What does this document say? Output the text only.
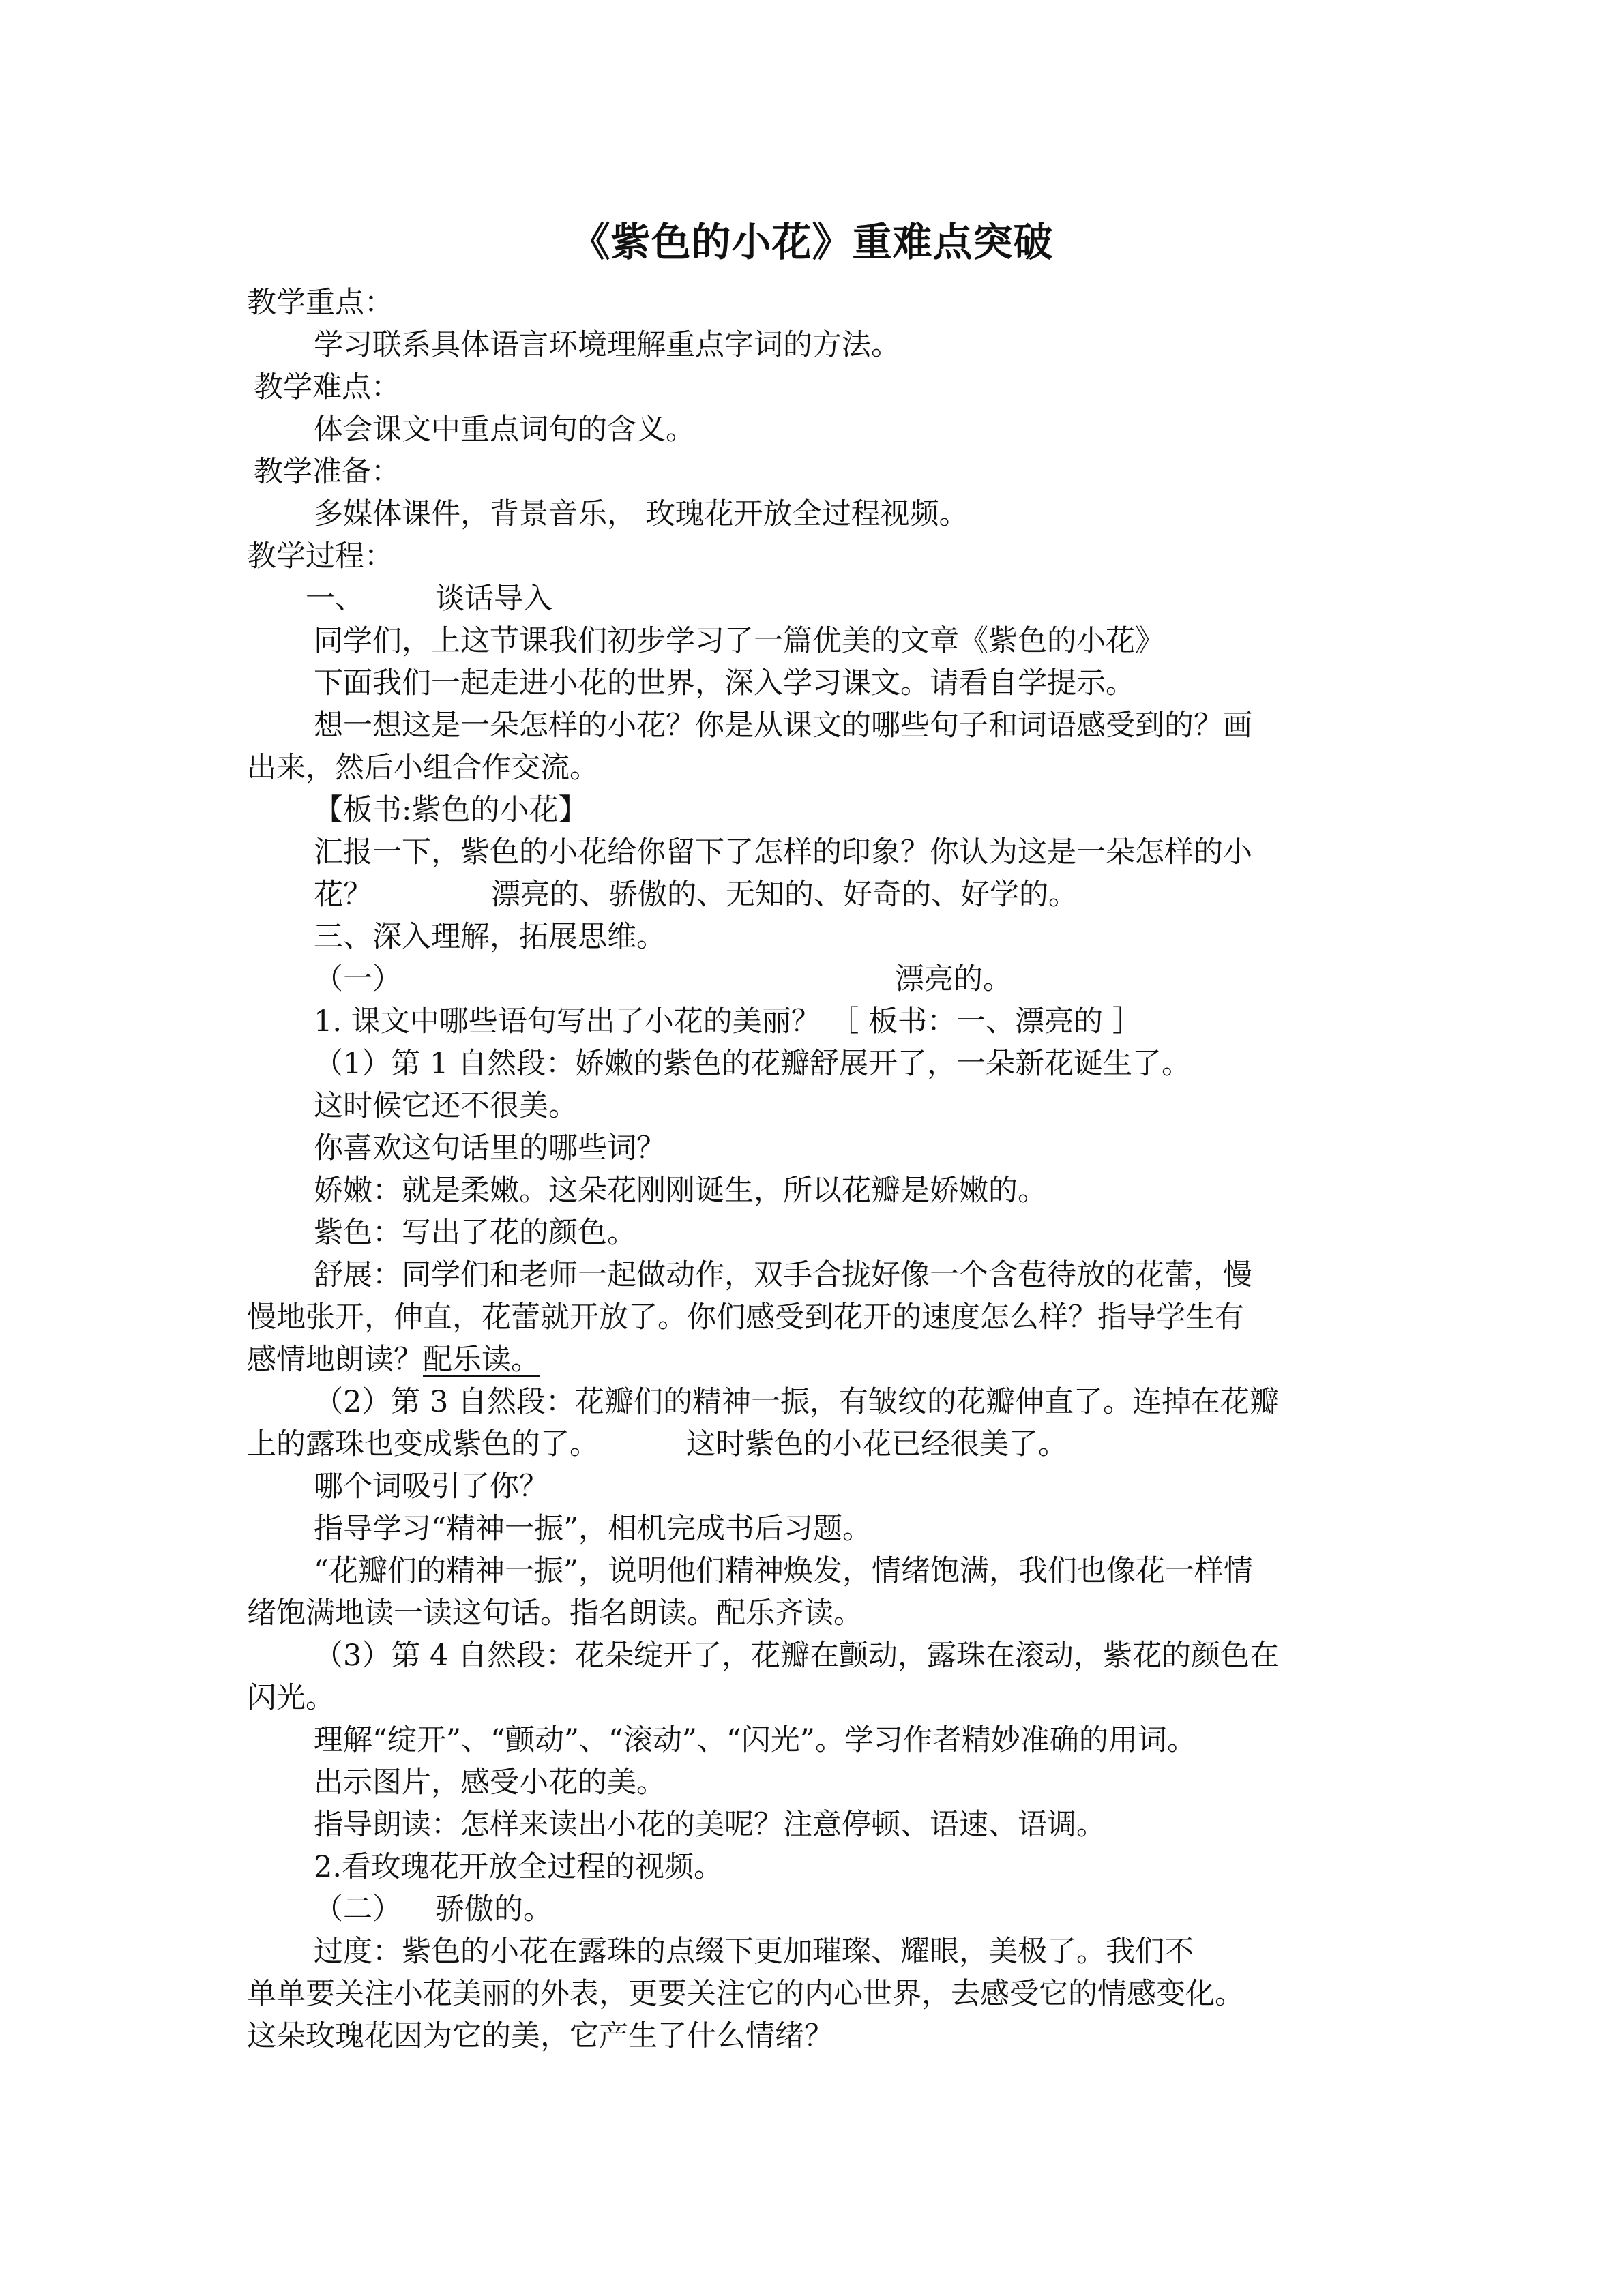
《紫色的小花》重难点突破
教学重点：
学习联系具体语言环境理解重点字词的方法。
教学难点：
体会课文中重点词句的含义。
教学准备：
多媒体课件，背景音乐， 玫瑰花开放全过程视频。
教学过程：
一、 谈话导入
同学们，上这节课我们初步学习了一篇优美的文章《紫色的小花》
下面我们一起走进小花的世界，深入学习课文。请看自学提示。
想一想这是一朵怎样的小花？你是从课文的哪些句子和词语感受到的？画
出来，然后小组合作交流。
【板书:紫色的小花】
汇报一下，紫色的小花给你留下了怎样的印象？你认为这是一朵怎样的小
花？	漂亮的、骄傲的、无知的、好奇的、好学的。
三、深入理解，拓展思维。
（一）	漂亮的。
1. 课文中哪些语句写出了小花的美丽？ ［ 板书：一、漂亮的 ］
（1）第 1 自然段：娇嫩的紫色的花瓣舒展开了，一朵新花诞生了。
这时候它还不很美。
你喜欢这句话里的哪些词？
娇嫩：就是柔嫩。这朵花刚刚诞生，所以花瓣是娇嫩的。
紫色：写出了花的颜色。
舒展：同学们和老师一起做动作，双手合拢好像一个含苞待放的花蕾，慢
慢地张开，伸直，花蕾就开放了。你们感受到花开的速度怎么样？指导学生有
感情地朗读？配乐读。
（2）第 3 自然段：花瓣们的精神一振，有皱纹的花瓣伸直了。连掉在花瓣
上的露珠也变成紫色的了。	这时紫色的小花已经很美了。
哪个词吸引了你？
指导学习“精神一振”，相机完成书后习题。
“花瓣们的精神一振”，说明他们精神焕发，情绪饱满，我们也像花一样情
绪饱满地读一读这句话。指名朗读。配乐齐读。
（3）第 4 自然段：花朵绽开了，花瓣在颤动，露珠在滚动，紫花的颜色在
闪光。
理解“绽开”、“颤动”、“滚动”、“闪光”。学习作者精妙准确的用词。
出示图片，感受小花的美。
指导朗读：怎样来读出小花的美呢？注意停顿、语速、语调。
2.看玫瑰花开放全过程的视频。
（二） 骄傲的。
过度：紫色的小花在露珠的点缀下更加璀璨、耀眼，美极了。我们不
单单要关注小花美丽的外表，更要关注它的内心世界，去感受它的情感变化。
这朵玫瑰花因为它的美，它产生了什么情绪？
